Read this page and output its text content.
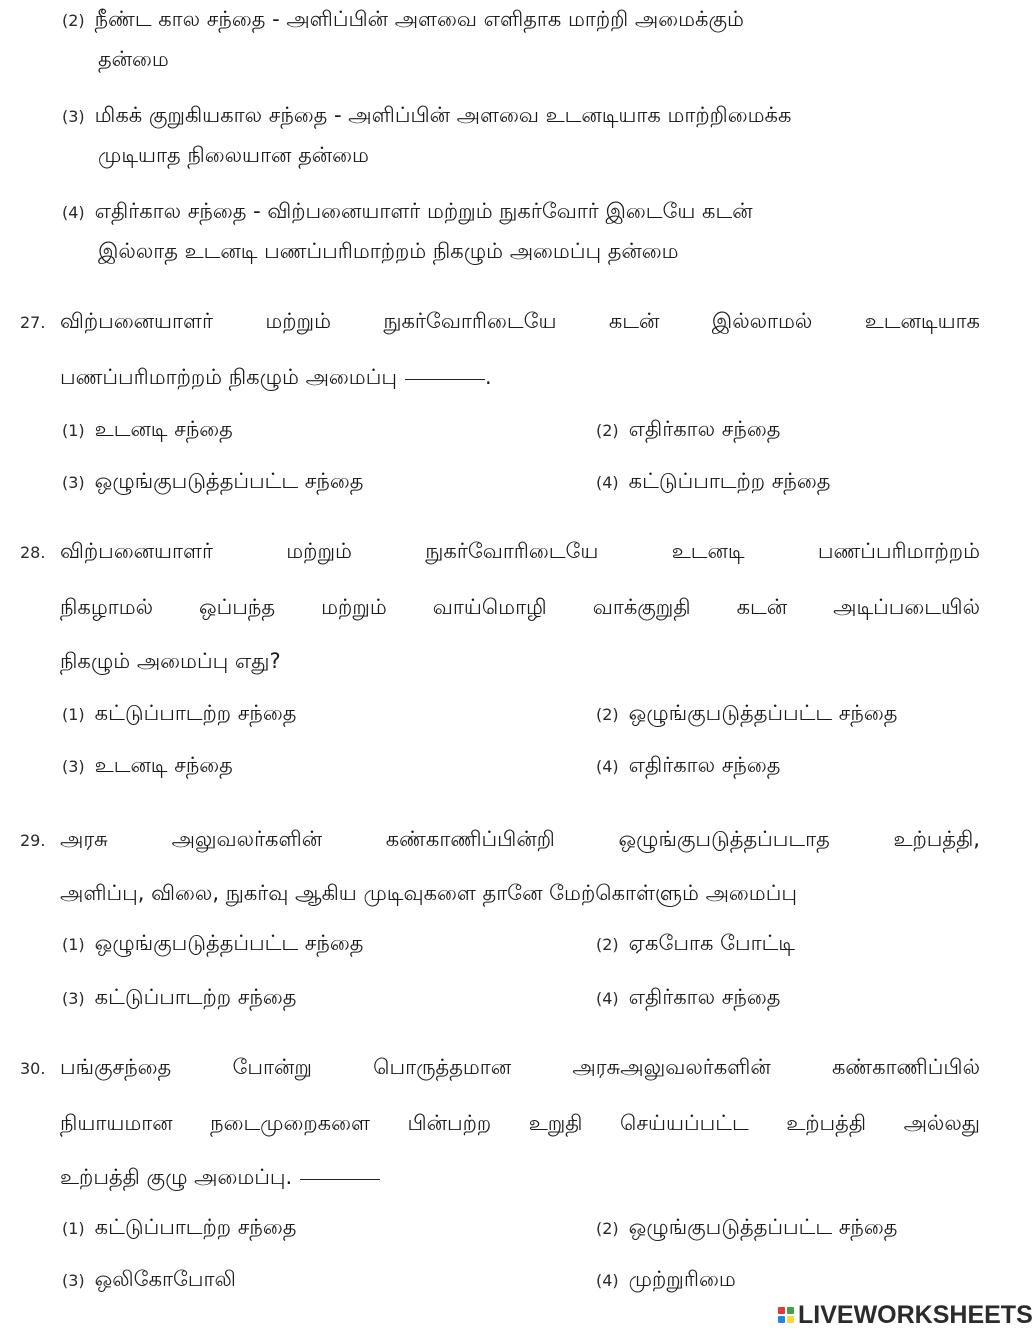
(2) நீண்ட கால சந்தை - அளிப்பின் அளவை எளிதாக மாற்றி அமைக்கும்
தன்மை
(3) மிகக் குறுகியகால சந்தை - அளிப்பின் அளவை உடனடியாக மாற்றிமைக்க
முடியாத நிலையான தன்மை
(4) எதிர்கால சந்தை - விற்பனையாளர் மற்றும் நுகர்வோர் இடையே கடன்
இல்லாத உடனடி பணப்பரிமாற்றம் நிகழும் அமைப்பு தன்மை
27. விற்பனையாளர் மற்றும் நுகர்வோரிடையே கடன் இல்லாமல் உடனடியாக
பணப்பரிமாற்றம் நிகழும் அமைப்பு	.
(1) உடனடி சந்தை	(2) எதிர்கால சந்தை
(3) ஒழுங்குபடுத்தப்பட்ட சந்தை	(4) கட்டுப்பாடற்ற சந்தை
28. விற்பனையாளர் மற்றும் நுகர்வோரிடையே உடனடி பணப்பரிமாற்றம்
நிகழாமல் ஒப்பந்த மற்றும் வாய்மொழி வாக்குறுதி கடன் அடிப்படையில்
நிகழும் அமைப்பு எது?
(1) கட்டுப்பாடற்ற சந்தை	(2) ஒழுங்குபடுத்தப்பட்ட சந்தை
(3) உடனடி சந்தை	(4) எதிர்கால சந்தை
29. அரசு அலுவலர்களின் கண்காணிப்பின்றி ஒழுங்குபடுத்தப்படாத உற்பத்தி,
அளிப்பு, விலை, நுகர்வு ஆகிய முடிவுகளை தானே மேற்கொள்ளும் அமைப்பு
(1) ஒழுங்குபடுத்தப்பட்ட சந்தை	(2) ஏகபோக போட்டி
(3) கட்டுப்பாடற்ற சந்தை	(4) எதிர்கால சந்தை
30. பங்குசந்தை போன்று பொருத்தமான அரசுஅலுவலர்களின் கண்காணிப்பில்
நியாயமான நடைமுறைகளை பின்பற்ற உறுதி செய்யப்பட்ட உற்பத்தி அல்லது
உற்பத்தி குழு அமைப்பு.
(1) கட்டுப்பாடற்ற சந்தை	(2) ஒழுங்குபடுத்தப்பட்ட சந்தை
(3) ஒலிகோபோலி	(4) முற்றுரிமை
LIVEWORKSHEETS
